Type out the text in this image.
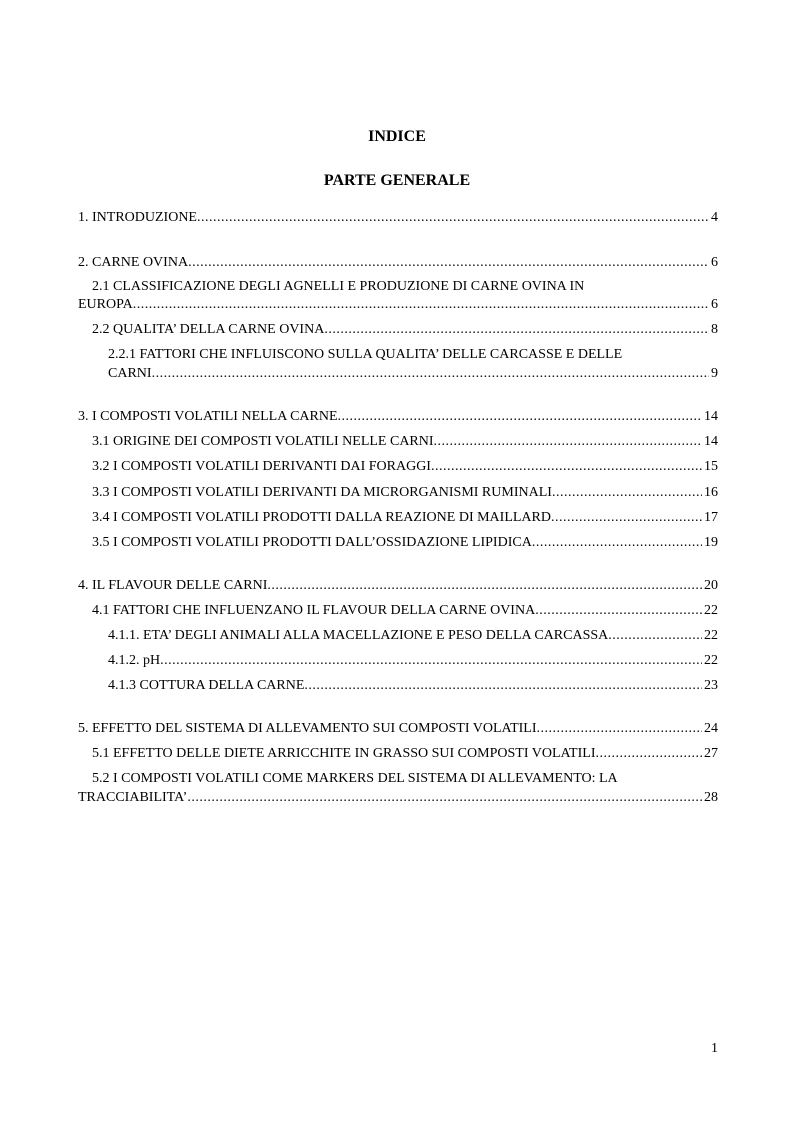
INDICE
PARTE GENERALE
1. INTRODUZIONE .....	4
2. CARNE OVINA .....	6
2.1 CLASSIFICAZIONE DEGLI AGNELLI E PRODUZIONE DI CARNE OVINA IN
EUROPA .....	6
2.2 QUALITA’ DELLA CARNE OVINA .....	8
2.2.1 FATTORI CHE INFLUISCONO SULLA QUALITA’ DELLE CARCASSE E DELLE
CARNI .....	9
3. I COMPOSTI VOLATILI NELLA CARNE .....	14
3.1 ORIGINE DEI COMPOSTI VOLATILI NELLE CARNI .....	14
3.2 I COMPOSTI VOLATILI DERIVANTI DAI FORAGGI .....	15
3.3 I COMPOSTI VOLATILI DERIVANTI DA MICRORGANISMI RUMINALI .....	16
3.4 I COMPOSTI VOLATILI PRODOTTI DALLA REAZIONE DI MAILLARD .....	17
3.5 I COMPOSTI VOLATILI PRODOTTI DALL’OSSIDAZIONE LIPIDICA .....	19
4. IL FLAVOUR DELLE CARNI .....	20
4.1 FATTORI CHE INFLUENZANO IL FLAVOUR DELLA CARNE OVINA .....	22
4.1.1. ETA’ DEGLI ANIMALI ALLA MACELLAZIONE E PESO DELLA CARCASSA .....	22
4.1.2. pH .....	22
4.1.3 COTTURA DELLA CARNE .....	23
5. EFFETTO DEL SISTEMA DI ALLEVAMENTO SUI COMPOSTI VOLATILI .....	24
5.1 EFFETTO DELLE DIETE ARRICCHITE IN GRASSO SUI COMPOSTI VOLATILI .....	27
5.2 I COMPOSTI VOLATILI COME MARKERS DEL SISTEMA DI ALLEVAMENTO: LA
TRACCIABILITA’ .....	28
1
